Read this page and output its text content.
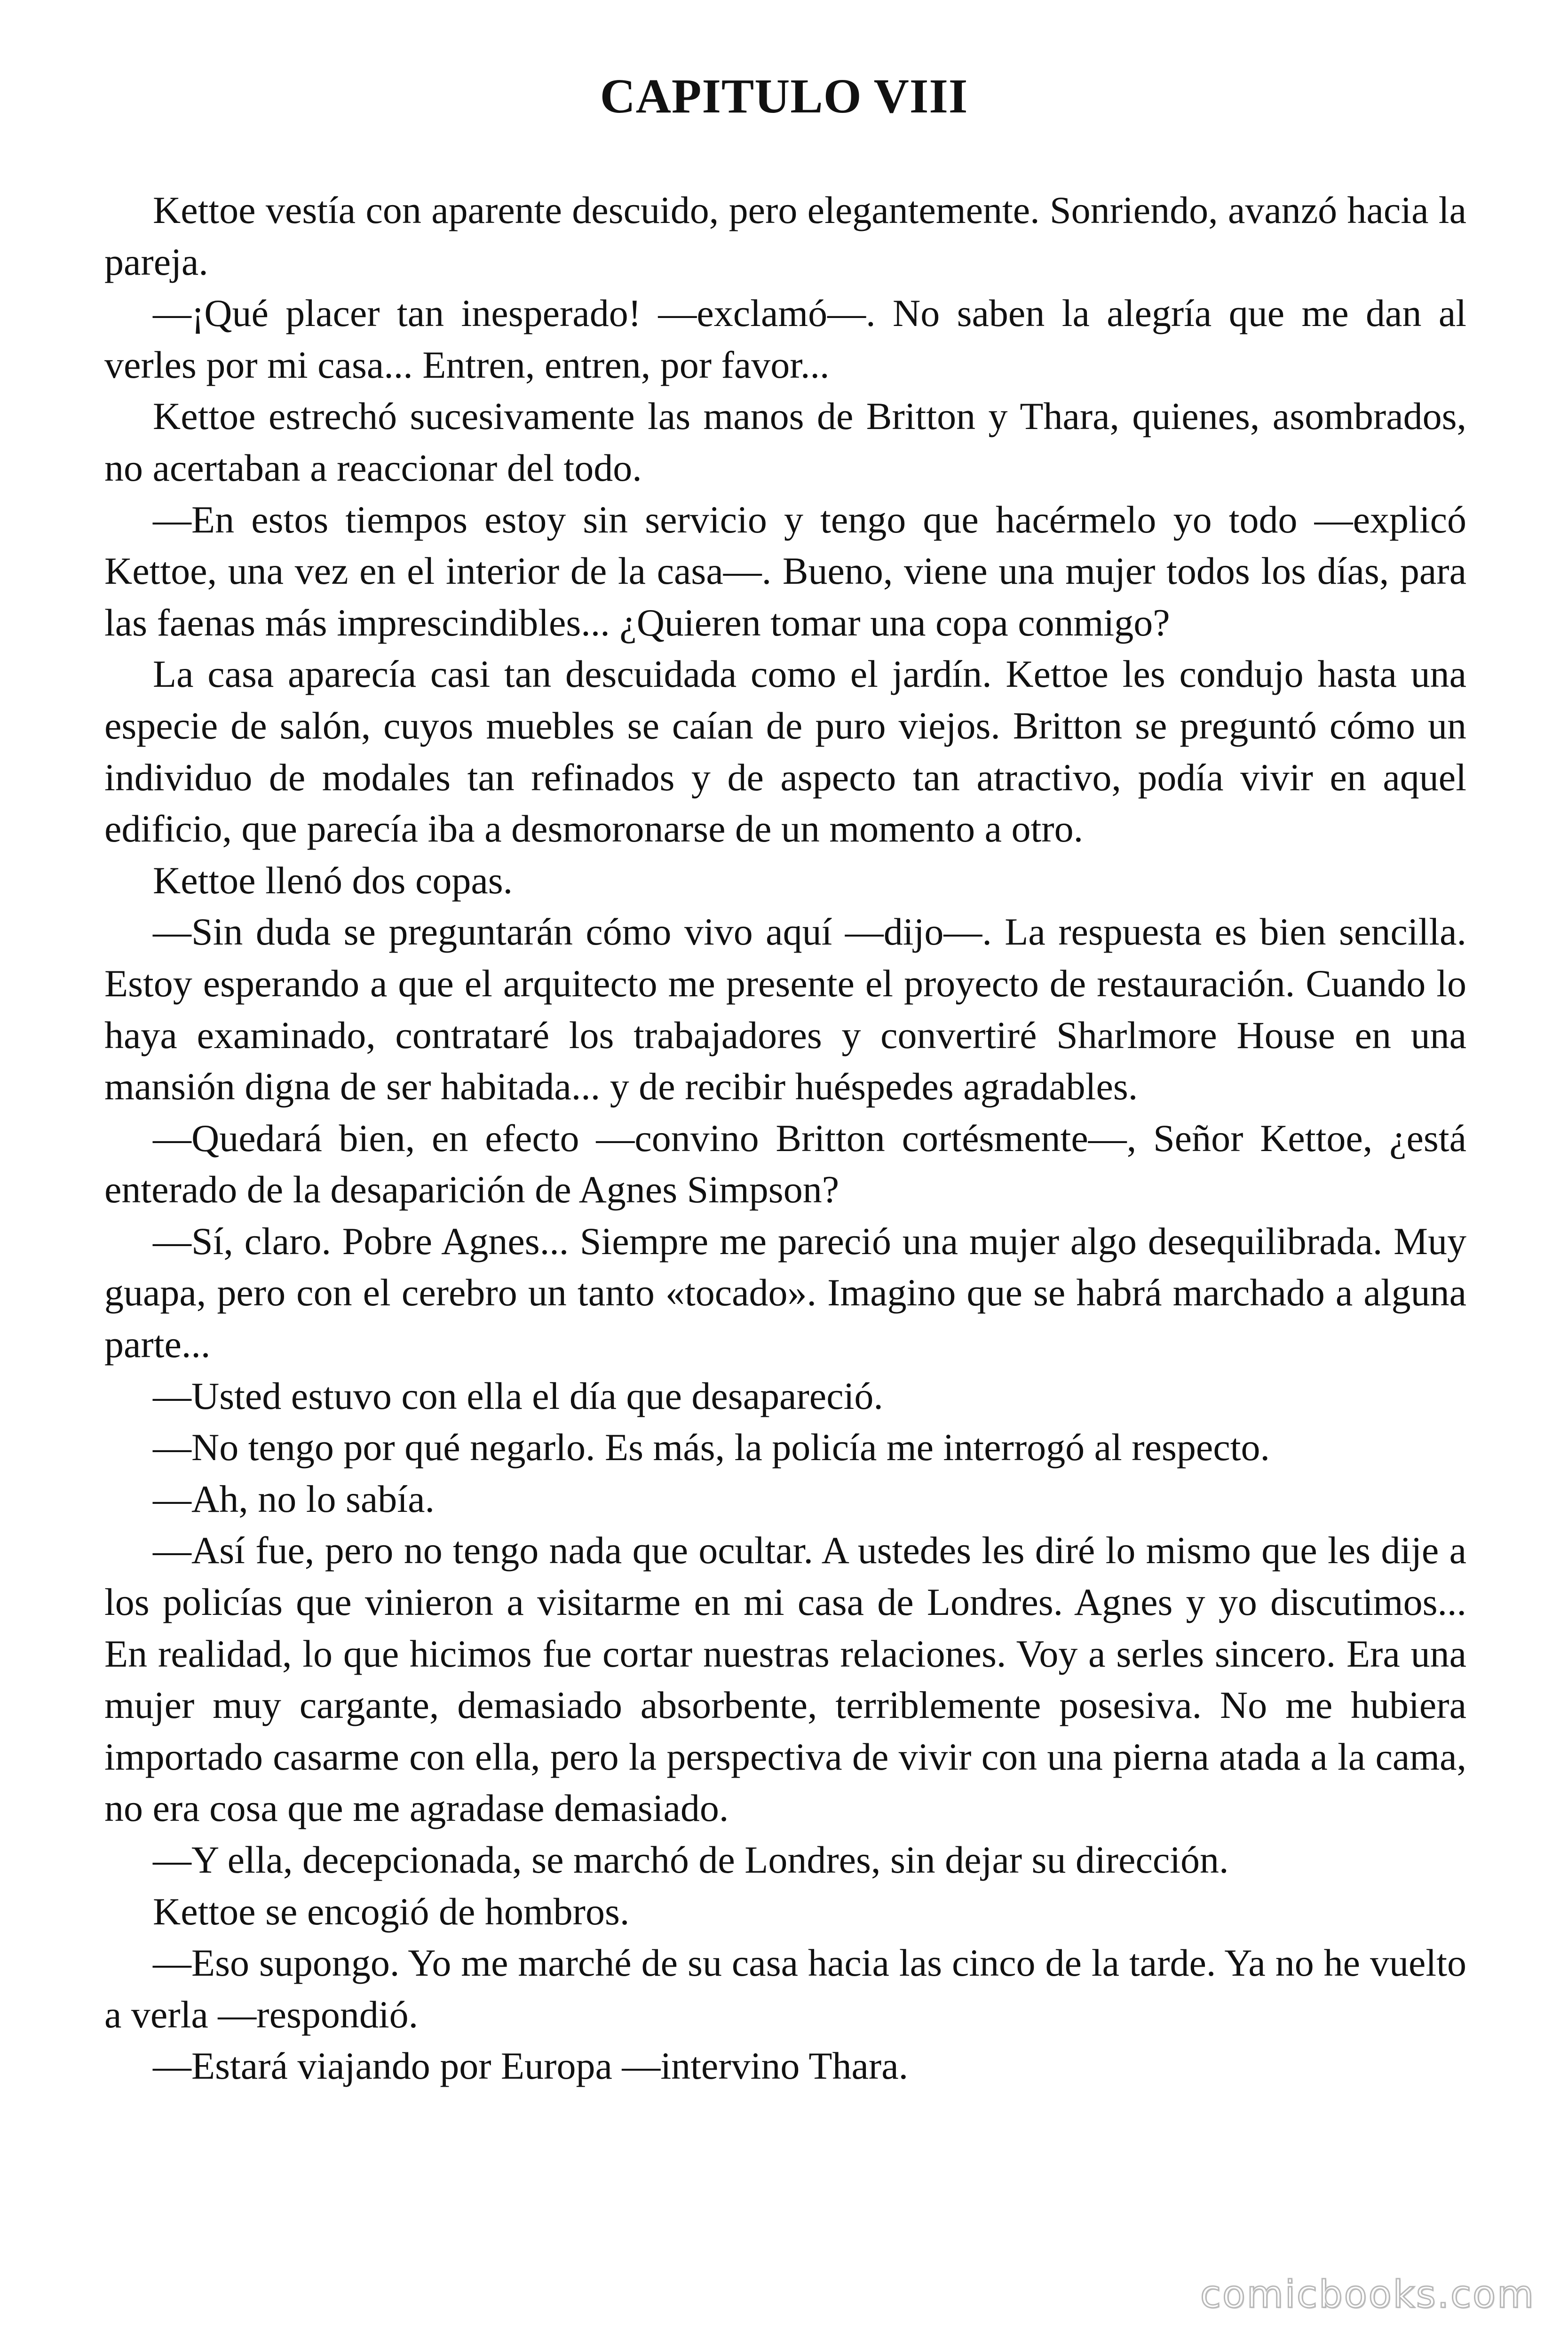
CAPITULO VIII

Kettoe vestía con aparente descuido, pero elegantemente. Sonriendo, avanzó hacia la pareja.

—¡Qué placer tan inesperado! —exclamó—. No saben la alegría que me dan al verles por mi casa... Entren, entren, por favor...

Kettoe estrechó sucesivamente las manos de Britton y Thara, quienes, asombrados, no acertaban a reaccionar del todo.

—En estos tiempos estoy sin servicio y tengo que hacérmelo yo todo —explicó Kettoe, una vez en el interior de la casa—. Bueno, viene una mujer todos los días, para las faenas más imprescindibles... ¿Quieren tomar una copa conmigo?

La casa aparecía casi tan descuidada como el jardín. Kettoe les condujo hasta una especie de salón, cuyos muebles se caían de puro viejos. Britton se preguntó cómo un individuo de modales tan refinados y de aspecto tan atractivo, podía vivir en aquel edificio, que parecía iba a desmoronarse de un momento a otro.

Kettoe llenó dos copas.

—Sin duda se preguntarán cómo vivo aquí —dijo—. La respuesta es bien sencilla. Estoy esperando a que el arquitecto me presente el proyecto de restauración. Cuando lo haya examinado, contrataré los trabajadores y convertiré Sharlmore House en una mansión digna de ser habitada... y de recibir huéspedes agradables.

—Quedará bien, en efecto —convino Britton cortésmente—, Señor Kettoe, ¿está enterado de la desaparición de Agnes Simpson?

—Sí, claro. Pobre Agnes... Siempre me pareció una mujer algo desequilibrada. Muy guapa, pero con el cerebro un tanto «tocado». Imagino que se habrá marchado a alguna parte...

—Usted estuvo con ella el día que desapareció.

—No tengo por qué negarlo. Es más, la policía me interrogó al respecto.

—Ah, no lo sabía.

—Así fue, pero no tengo nada que ocultar. A ustedes les diré lo mismo que les dije a los policías que vinieron a visitarme en mi casa de Londres. Agnes y yo discutimos... En realidad, lo que hicimos fue cortar nuestras relaciones. Voy a serles sincero. Era una mujer muy cargante, demasiado absorbente, terriblemente posesiva. No me hubiera importado casarme con ella, pero la perspectiva de vivir con una pierna atada a la cama, no era cosa que me agradase demasiado.

—Y ella, decepcionada, se marchó de Londres, sin dejar su dirección.

Kettoe se encogió de hombros.

—Eso supongo. Yo me marché de su casa hacia las cinco de la tarde. Ya no he vuelto a verla —respondió.

—Estará viajando por Europa —intervino Thara.

comicbooks.com
